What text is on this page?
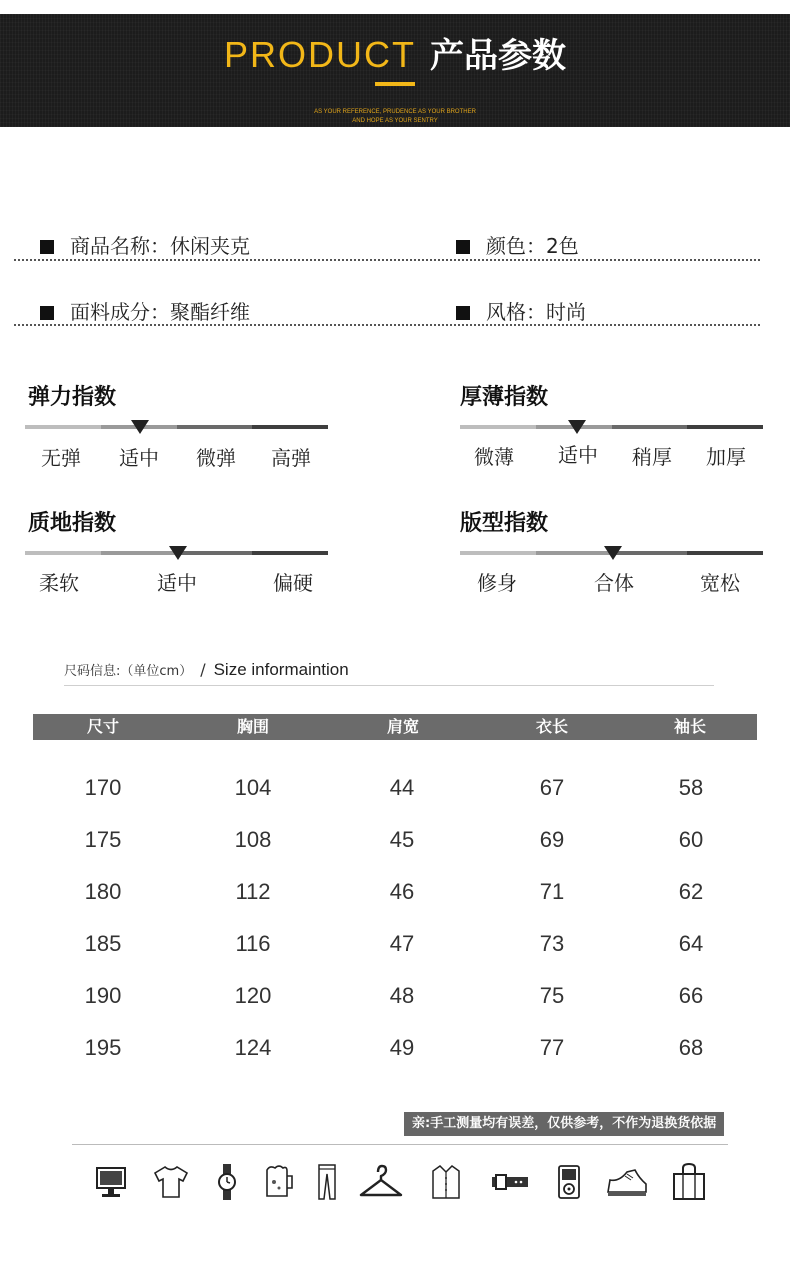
PRODUCT 产品参数
AS YOUR REFERENCE, PRUDENCE AS YOUR BROTHER
AND HOPE AS YOUR SENTRY
商品名称：休闲夹克	颜色：2色
面料成分：聚酯纤维	风格：时尚
弹力指数
无弹 适中 微弹 高弹
厚薄指数
微薄 适中 稍厚 加厚
质地指数
柔软	适中	偏硬
版型指数
修身	合体	宽松
尺码信息:（单位cm） / Size informaintion
尺寸	胸围	肩宽	衣长	袖长
170	104	44	67	58
175	108	45	69	60
180	112	46	71	62
185	116	47	73	64
190	120	48	75	66
195	124	49	77	68
亲:手工测量均有误差，仅供参考，不作为退换货依据
